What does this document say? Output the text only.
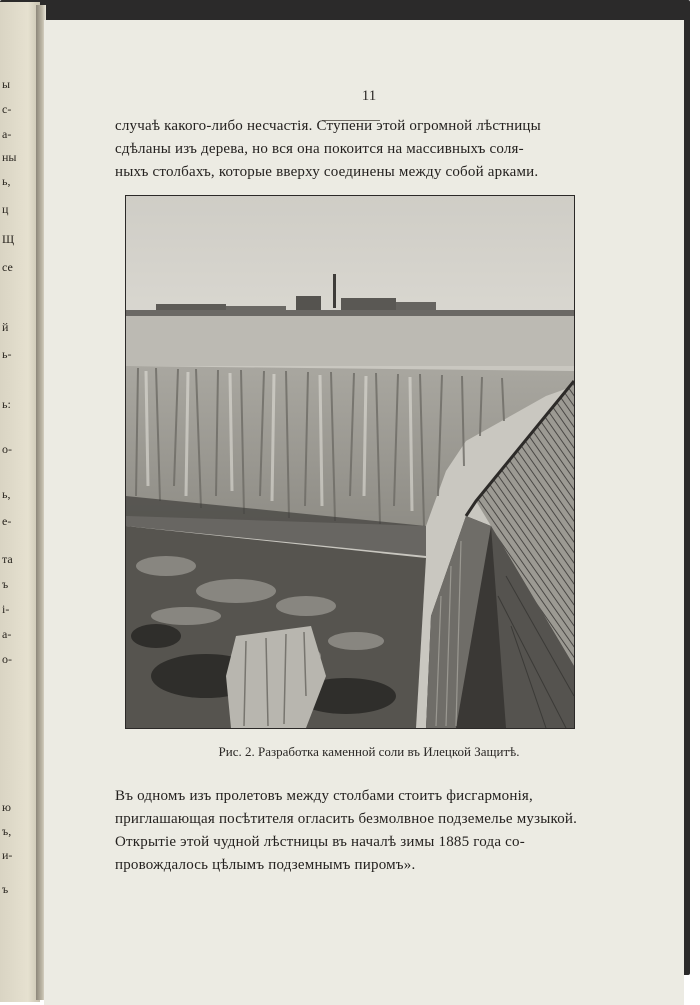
ы
с-
а-
ны
ь,
ц
Щ
се
й
ь-
ь:
о-
ь,
е-
та
ъ
і-
а-
о-
ю
ъ,
и-
ъ
11
случаѣ какого-либо несчастія. Ступени этой огромной лѣстницы
сдѣланы изъ дерева, но вся она покоится на массивныхъ соля-
ныхъ столбахъ, которые вверху соединены между собой арками.
Рис. 2. Разработка каменной соли въ Илецкой Защитѣ.
Въ одномъ изъ пролетовъ между столбами стоитъ фисгармонія,
приглашающая посѣтителя огласить безмолвное подземелье музыкой.
Открытіе этой чудной лѣстницы въ началѣ зимы 1885 года со-
провождалось цѣлымъ подземнымъ пиромъ».
